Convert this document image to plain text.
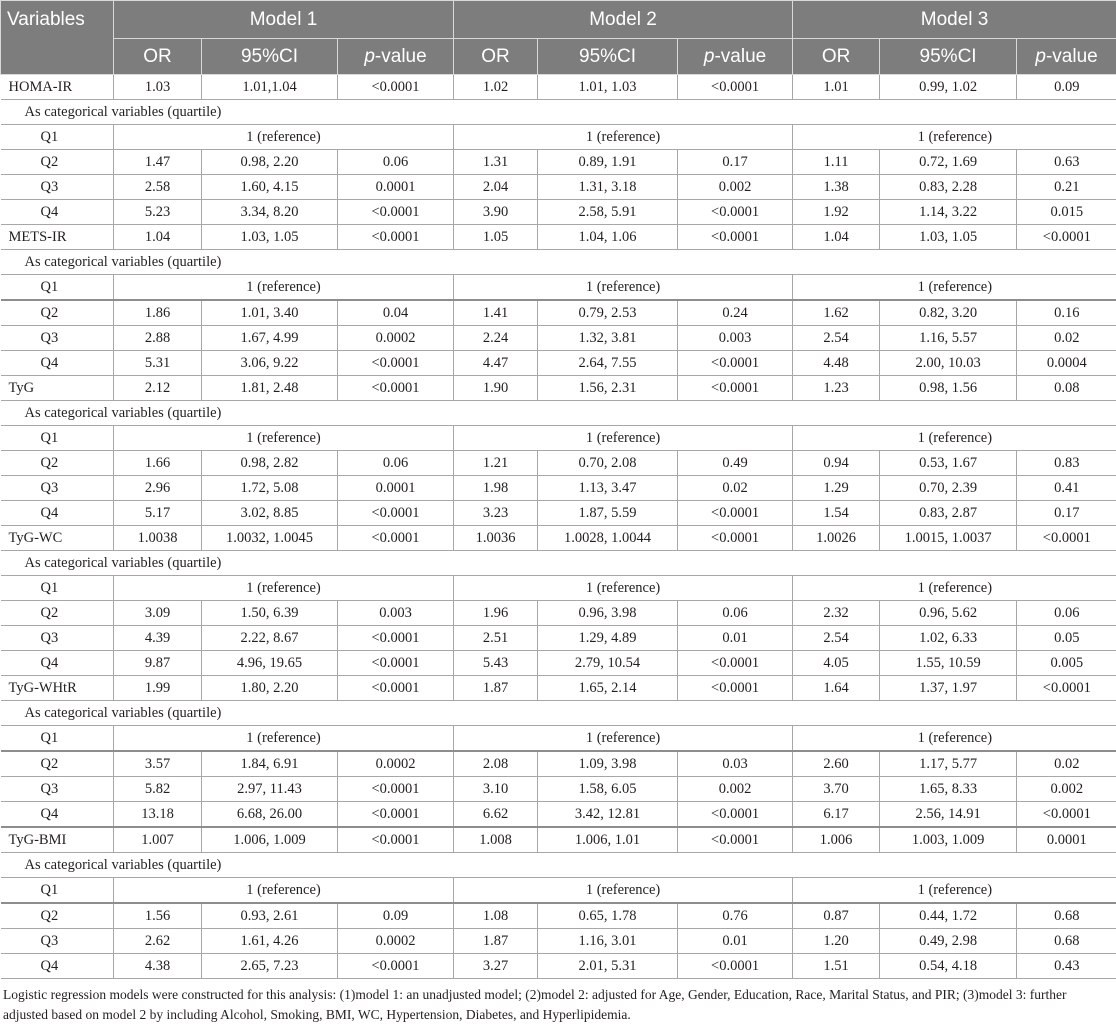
Variables	Model 1			Model 2			Model 3		
	OR	95%CI	p-value	OR	95%CI	p-value	OR	95%CI	p-value
HOMA-IR	1.03	1.01,1.04	<0.0001	1.02	1.01, 1.03	<0.0001	1.01	0.99, 1.02	0.09
As categorical variables (quartile)									
Q1	1 (reference)			1 (reference)			1 (reference)		
Q2	1.47	0.98, 2.20	0.06	1.31	0.89, 1.91	0.17	1.11	0.72, 1.69	0.63
Q3	2.58	1.60, 4.15	0.0001	2.04	1.31, 3.18	0.002	1.38	0.83, 2.28	0.21
Q4	5.23	3.34, 8.20	<0.0001	3.90	2.58, 5.91	<0.0001	1.92	1.14, 3.22	0.015
METS-IR	1.04	1.03, 1.05	<0.0001	1.05	1.04, 1.06	<0.0001	1.04	1.03, 1.05	<0.0001
As categorical variables (quartile)									
Q1	1 (reference)			1 (reference)			1 (reference)		
Q2	1.86	1.01, 3.40	0.04	1.41	0.79, 2.53	0.24	1.62	0.82, 3.20	0.16
Q3	2.88	1.67, 4.99	0.0002	2.24	1.32, 3.81	0.003	2.54	1.16, 5.57	0.02
Q4	5.31	3.06, 9.22	<0.0001	4.47	2.64, 7.55	<0.0001	4.48	2.00, 10.03	0.0004
TyG	2.12	1.81, 2.48	<0.0001	1.90	1.56, 2.31	<0.0001	1.23	0.98, 1.56	0.08
As categorical variables (quartile)									
Q1	1 (reference)			1 (reference)			1 (reference)		
Q2	1.66	0.98, 2.82	0.06	1.21	0.70, 2.08	0.49	0.94	0.53, 1.67	0.83
Q3	2.96	1.72, 5.08	0.0001	1.98	1.13, 3.47	0.02	1.29	0.70, 2.39	0.41
Q4	5.17	3.02, 8.85	<0.0001	3.23	1.87, 5.59	<0.0001	1.54	0.83, 2.87	0.17
TyG-WC	1.0038	1.0032, 1.0045	<0.0001	1.0036	1.0028, 1.0044	<0.0001	1.0026	1.0015, 1.0037	<0.0001
As categorical variables (quartile)									
Q1	1 (reference)			1 (reference)			1 (reference)		
Q2	3.09	1.50, 6.39	0.003	1.96	0.96, 3.98	0.06	2.32	0.96, 5.62	0.06
Q3	4.39	2.22, 8.67	<0.0001	2.51	1.29, 4.89	0.01	2.54	1.02, 6.33	0.05
Q4	9.87	4.96, 19.65	<0.0001	5.43	2.79, 10.54	<0.0001	4.05	1.55, 10.59	0.005
TyG-WHtR	1.99	1.80, 2.20	<0.0001	1.87	1.65, 2.14	<0.0001	1.64	1.37, 1.97	<0.0001
As categorical variables (quartile)									
Q1	1 (reference)			1 (reference)			1 (reference)		
Q2	3.57	1.84, 6.91	0.0002	2.08	1.09, 3.98	0.03	2.60	1.17, 5.77	0.02
Q3	5.82	2.97, 11.43	<0.0001	3.10	1.58, 6.05	0.002	3.70	1.65, 8.33	0.002
Q4	13.18	6.68, 26.00	<0.0001	6.62	3.42, 12.81	<0.0001	6.17	2.56, 14.91	<0.0001
TyG-BMI	1.007	1.006, 1.009	<0.0001	1.008	1.006, 1.01	<0.0001	1.006	1.003, 1.009	0.0001
As categorical variables (quartile)									
Q1	1 (reference)			1 (reference)			1 (reference)		
Q2	1.56	0.93, 2.61	0.09	1.08	0.65, 1.78	0.76	0.87	0.44, 1.72	0.68
Q3	2.62	1.61, 4.26	0.0002	1.87	1.16, 3.01	0.01	1.20	0.49, 2.98	0.68
Q4	4.38	2.65, 7.23	<0.0001	3.27	2.01, 5.31	<0.0001	1.51	0.54, 4.18	0.43
Logistic regression models were constructed for this analysis: (1)model 1: an unadjusted model; (2)model 2: adjusted for Age, Gender, Education, Race, Marital Status, and PIR; (3)model 3: further adjusted based on model 2 by including Alcohol, Smoking, BMI, WC, Hypertension, Diabetes, and Hyperlipidemia.
